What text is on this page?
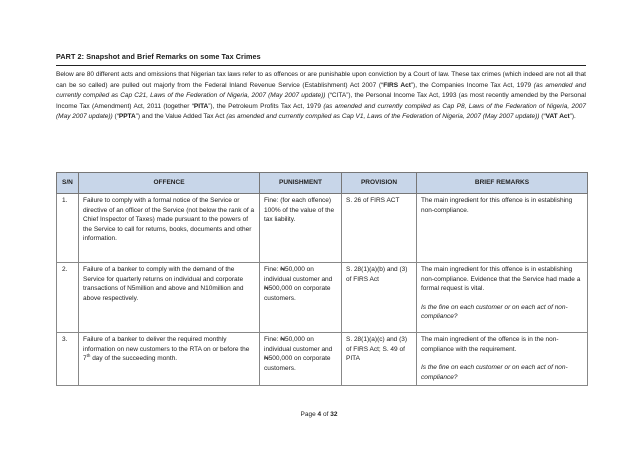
PART 2: Snapshot and Brief Remarks on some Tax Crimes

Below are 80 different acts and omissions that Nigerian tax laws refer to as offences or are punishable upon conviction by a Court of law. These tax crimes (which indeed are not all that can be so called) are pulled out majorly from the Federal Inland Revenue Service (Establishment) Act 2007 (“FIRS Act”), the Companies Income Tax Act, 1979 (as amended and currently compiled as Cap C21, Laws of the Federation of Nigeria, 2007 (May 2007 update)) (“CITA”), the Personal Income Tax Act, 1993 (as most recently amended by the Personal Income Tax (Amendment) Act, 2011 (together “PITA”), the Petroleum Profits Tax Act, 1979 (as amended and currently compiled as Cap P8, Laws of the Federation of Nigeria, 2007 (May 2007 update)) (“PPTA”) and the Value Added Tax Act (as amended and currently compiled as Cap V1, Laws of the Federation of Nigeria, 2007 (May 2007 update)) (“VAT Act”).

S/N	OFFENCE	PUNISHMENT	PROVISION	BRIEF REMARKS
1.	Failure to comply with a formal notice of the Service or directive of an officer of the Service (not below the rank of a Chief Inspector of Taxes) made pursuant to the powers of the Service to call for returns, books, documents and other information.	Fine: (for each offence) 100% of the value of the tax liability.	S. 26 of FIRS ACT	The main ingredient for this offence is in establishing non-compliance.
2.	Failure of a banker to comply with the demand of the Service for quarterly returns on individual and corporate transactions of N5million and above and N10million and above respectively.	Fine: ₦50,000 on individual customer and ₦500,000 on corporate customers.	S. 28(1)(a)(b) and (3) of FIRS Act	The main ingredient for this offence is in establishing non-compliance. Evidence that the Service had made a formal request is vital.
Is the fine on each customer or on each act of non-compliance?

3.	Failure of a banker to deliver the required monthly information on new customers to the RTA on or before the 7th day of the succeeding month.	Fine: ₦50,000 on individual customer and ₦500,000 on corporate customers.	S. 28(1)(a)(c) and (3) of FIRS Act; S. 49 of PITA	The main ingredient of the offence is in the non-compliance with the requirement.
Is the fine on each customer or on each act of non-compliance?
Page 4 of 32
